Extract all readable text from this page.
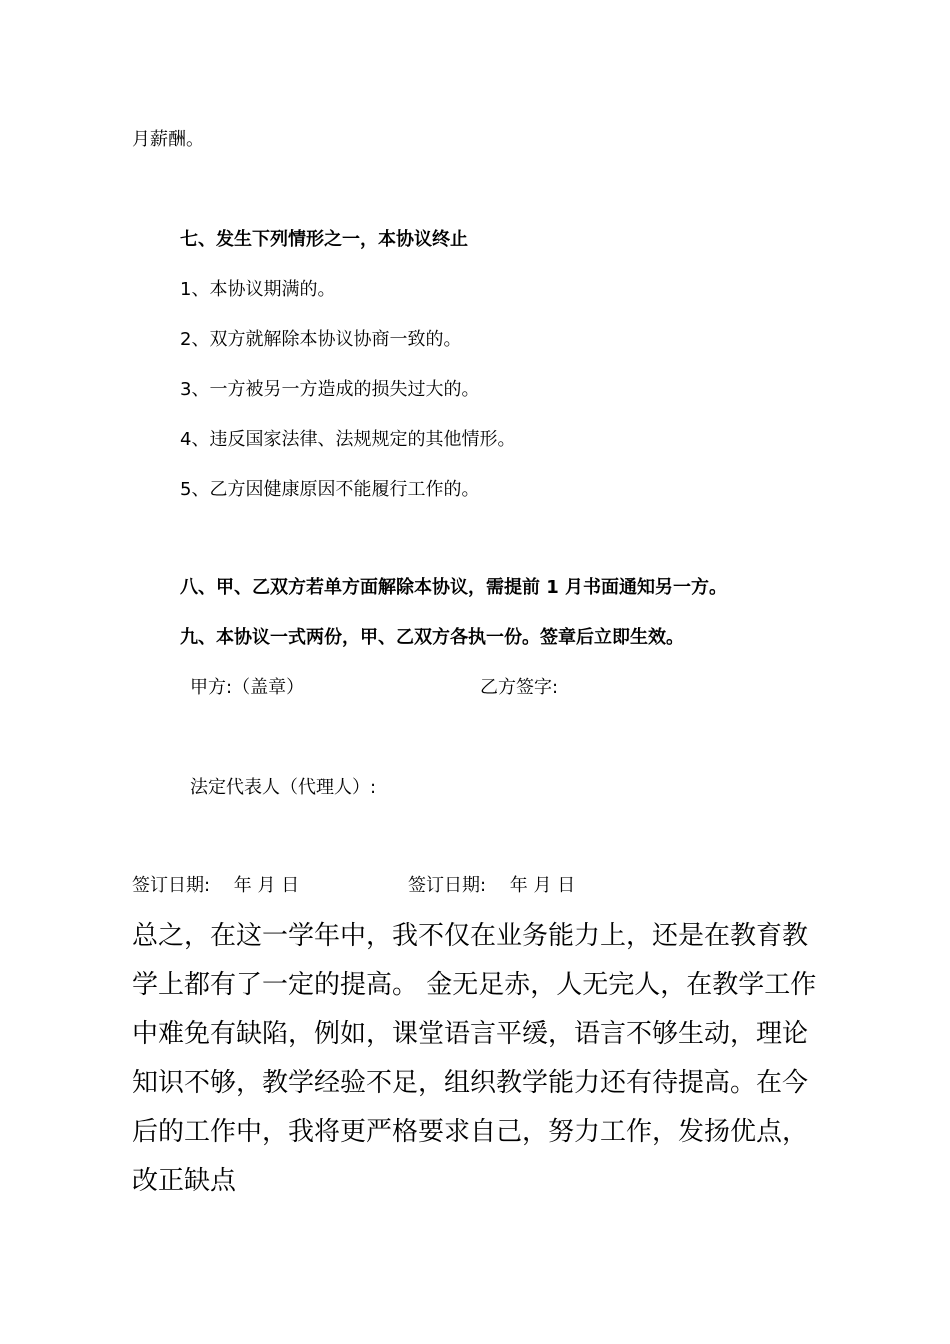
月薪酬。
七、发生下列情形之一，本协议终止
1、本协议期满的。
2、双方就解除本协议协商一致的。
3、一方被另一方造成的损失过大的。
4、违反国家法律、法规规定的其他情形。
5、乙方因健康原因不能履行工作的。
八、甲、乙双方若单方面解除本协议，需提前 1 月书面通知另一方。
九、本协议一式两份，甲、乙双方各执一份。签章后立即生效。
甲方:（盖章）	乙方签字:
法定代表人（代理人）:
签订日期:　 年 月 日	签订日期:　 年 月 日
总之，在这一学年中，我不仅在业务能力上，还是在教育教
学上都有了一定的提高。 金无足赤，人无完人，在教学工作
中难免有缺陷，例如，课堂语言平缓，语言不够生动，理论
知识不够，教学经验不足，组织教学能力还有待提高。在今
后的工作中，我将更严格要求自己，努力工作，发扬优点，
改正缺点
